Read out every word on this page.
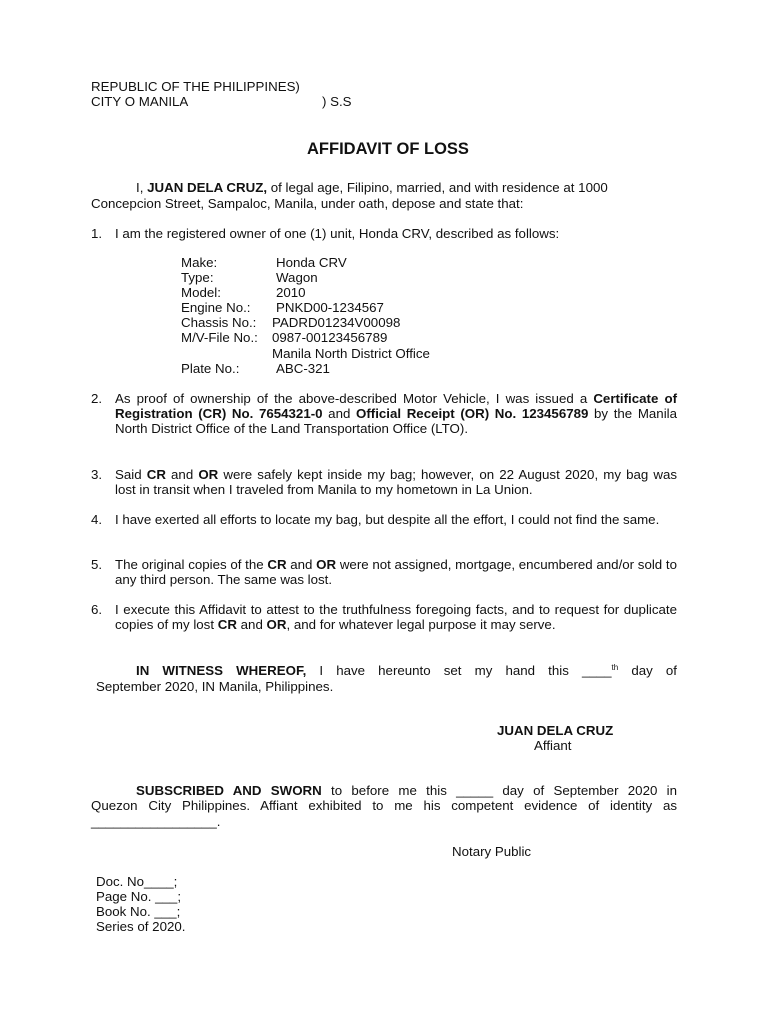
REPUBLIC OF THE PHILIPPINES)
CITY O MANILA	) S.S
AFFIDAVIT OF LOSS
I, JUAN DELA CRUZ, of legal age, Filipino, married, and with residence at 1000
Concepcion Street, Sampaloc, Manila, under oath, depose and state that:
1. I am the registered owner of one (1) unit, Honda CRV, described as follows:
Make:	Honda CRV
Type:	Wagon
Model:	2010
Engine No.: PNKD00-1234567
Chassis No.: PADRD01234V00098
M/V-File No.: 0987-00123456789
Manila North District Office
Plate No.:	ABC-321
2. As proof of ownership of the above-described Motor Vehicle, I was issued a Certificate of Registration (CR) No. 7654321-0 and Official Receipt (OR) No. 123456789 by the Manila North District Office of the Land Transportation Office (LTO).
3. Said CR and OR were safely kept inside my bag; however, on 22 August 2020, my bag was lost in transit when I traveled from Manila to my hometown in La Union.
4. I have exerted all efforts to locate my bag, but despite all the effort, I could not find the same.
5. The original copies of the CR and OR were not assigned, mortgage, encumbered and/or sold to any third person. The same was lost.
6. I execute this Affidavit to attest to the truthfulness foregoing facts, and to request for duplicate copies of my lost CR and OR, and for whatever legal purpose it may serve.
IN WITNESS WHEREOF, I have hereunto set my hand this ____$^{th}$ day of
September 2020, IN Manila, Philippines.
JUAN DELA CRUZ
Affiant
SUBSCRIBED AND SWORN to before me this _____ day of September 2020 in
Quezon City Philippines. Affiant exhibited to me his competent evidence of identity as
_________________.
Notary Public
Doc. No____;
Page No. ___;
Book No. ___;
Series of 2020.
